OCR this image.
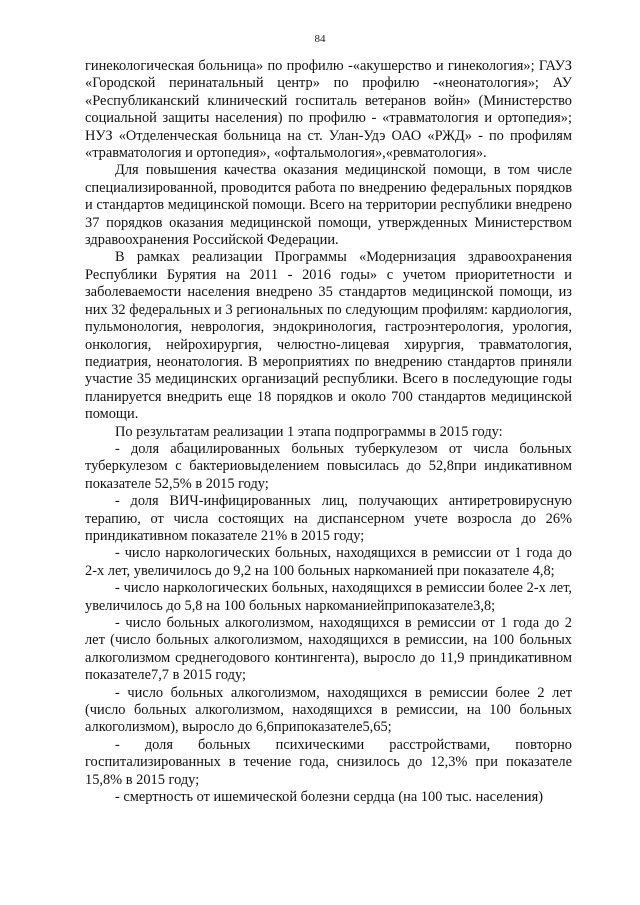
84

гинекологическая больница» по профилю -«акушерство и гинекология»; ГАУЗ «Городской перинатальный центр» по профилю -«неонатология»; АУ «Республиканский клинический госпиталь ветеранов войн» (Министерство социальной защиты населения) по профилю - «травматология и ортопедия»; НУЗ «Отделенческая больница на ст. Улан-Удэ ОАО «РЖД» - по профилям «травматология и ортопедия», «офтальмология»,«ревматология».

Для повышения качества оказания медицинской помощи, в том числе специализированной, проводится работа по внедрению федеральных порядков и стандартов медицинской помощи. Всего на территории республики внедрено 37 порядков оказания медицинской помощи, утвержденных Министерством здравоохранения Российской Федерации.

В рамках реализации Программы «Модернизация здравоохранения Республики Бурятия на 2011 - 2016 годы» с учетом приоритетности и заболеваемости населения внедрено 35 стандартов медицинской помощи, из них 32 федеральных и 3 региональных по следующим профилям: кардиология, пульмонология, неврология, эндокринология, гастроэнтерология, урология, онкология, нейрохирургия, челюстно-лицевая хирургия, травматология, педиатрия, неонатология. В мероприятиях по внедрению стандартов приняли участие 35 медицинских организаций республики. Всего в последующие годы планируется внедрить еще 18 порядков и около 700 стандартов медицинской помощи.

По результатам реализации 1 этапа подпрограммы в 2015 году:

- доля абацилированных больных туберкулезом от числа больных туберкулезом с бактериовыделением повысилась до 52,8при индикативном показателе 52,5% в 2015 году;

- доля ВИЧ-инфицированных лиц, получающих антиретровирусную терапию, от числа состоящих на диспансерном учете возросла до 26% приндикативном показателе 21% в 2015 году;

- число наркологических больных, находящихся в ремиссии от 1 года до 2-х лет, увеличилось до 9,2 на 100 больных наркоманией при показателе 4,8;

- число наркологических больных, находящихся в ремиссии более 2-х лет, увеличилось до 5,8 на 100 больных наркоманиейприпоказателе3,8;

- число больных алкоголизмом, находящихся в ремиссии от 1 года до 2 лет (число больных алкоголизмом, находящихся в ремиссии, на 100 больных алкоголизмом среднегодового контингента), выросло до 11,9 приндикативном показателе7,7 в 2015 году;

- число больных алкоголизмом, находящихся в ремиссии более 2 лет (число больных алкоголизмом, находящихся в ремиссии, на 100 больных алкоголизмом), выросло до 6,6припоказателе5,65;

- доля больных психическими расстройствами, повторно госпитализированных в течение года, снизилось до 12,3% при показателе 15,8% в 2015 году;

- смертность от ишемической болезни сердца (на 100 тыс. населения)
